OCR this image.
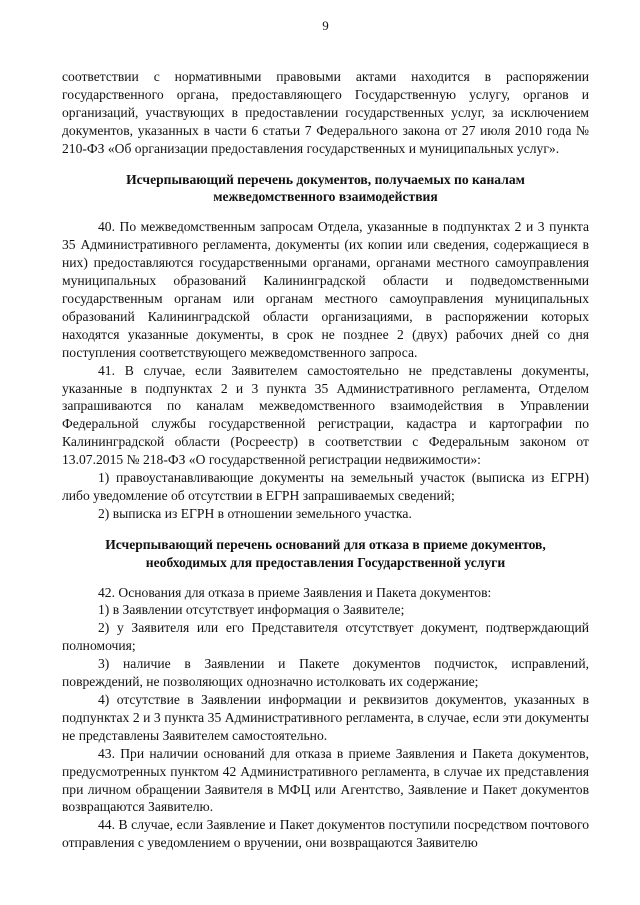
9

соответствии с нормативными правовыми актами находится в распоряжении государственного органа, предоставляющего Государственную услугу, органов и организаций, участвующих в предоставлении государственных услуг, за исключением документов, указанных в части 6 статьи 7 Федерального закона от 27 июля 2010 года № 210-ФЗ «Об организации предоставления государственных и муниципальных услуг».

Исчерпывающий перечень документов, получаемых по каналам
межведомственного взаимодействия

40. По межведомственным запросам Отдела, указанные в подпунктах 2 и 3 пункта 35 Административного регламента, документы (их копии или сведения, содержащиеся в них) предоставляются государственными органами, органами местного самоуправления муниципальных образований Калининградской области и подведомственными государственным органам или органам местного самоуправления муниципальных образований Калининградской области организациями, в распоряжении которых находятся указанные документы, в срок не позднее 2 (двух) рабочих дней со дня поступления соответствующего межведомственного запроса.

41. В случае, если Заявителем самостоятельно не представлены документы, указанные в подпунктах 2 и 3 пункта 35 Административного регламента, Отделом запрашиваются по каналам межведомственного взаимодействия в Управлении Федеральной службы государственной регистрации, кадастра и картографии по Калининградской области (Росреестр) в соответствии с Федеральным законом от 13.07.2015 № 218-ФЗ «О государственной регистрации недвижимости»:

1) правоустанавливающие документы на земельный участок (выписка из ЕГРН) либо уведомление об отсутствии в ЕГРН запрашиваемых сведений;

2) выписка из ЕГРН в отношении земельного участка.

Исчерпывающий перечень оснований для отказа в приеме документов,
необходимых для предоставления Государственной услуги

42. Основания для отказа в приеме Заявления и Пакета документов:

1) в Заявлении отсутствует информация о Заявителе;

2) у Заявителя или его Представителя отсутствует документ, подтверждающий полномочия;

3) наличие в Заявлении и Пакете документов подчисток, исправлений, повреждений, не позволяющих однозначно истолковать их содержание;

4) отсутствие в Заявлении информации и реквизитов документов, указанных в подпунктах 2 и 3 пункта 35 Административного регламента, в случае, если эти документы не представлены Заявителем самостоятельно.

43. При наличии оснований для отказа в приеме Заявления и Пакета документов, предусмотренных пунктом 42 Административного регламента, в случае их представления при личном обращении Заявителя в МФЦ или Агентство, Заявление и Пакет документов возвращаются Заявителю.

44. В случае, если Заявление и Пакет документов поступили посредством почтового отправления с уведомлением о вручении, они возвращаются Заявителю
